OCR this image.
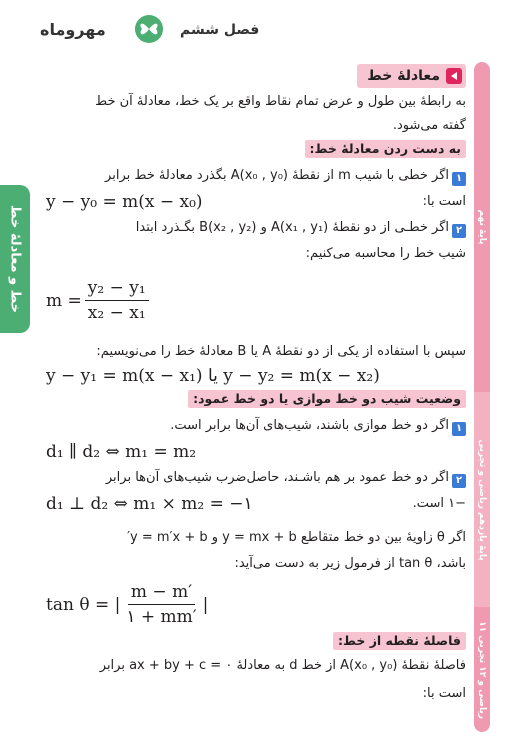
فصل ششم
مهروماه
خط و معادلهٔ خط	پایهٔ نهم
پایهٔ یازدهم ریاضی و تجربی
۱۱ ریاضی و ۱۲ تجربی
معادلهٔ خط
به رابطهٔ بین طول و عرض تمام نقاط واقع بر یک خط، معادلهٔ آن خط
گفته می‌شود.
به دست ردن معادلهٔ خط:
۱اگر خطی با شیب m از نقطهٔ A(x₀ , y₀) بگذرد معادلهٔ خط برابر
است با:
y − y₀ = m(x − x₀)
۲اگر خطـی از دو نقطهٔ A(x₁ , y₁) و B(x₂ , y₂) بگـذرد ابتدا
شیب خط را محاسبه می‌کنیم:
$m = \frac{\text{y₂ − y₁}}{\text{x₂ − x₁}}$
سپس با استفاده از یکی از دو نقطهٔ A یا B معادلهٔ خط را می‌نویسیم:
y − y₁ = m(x − x₁) یا y − y₂ = m(x − x₂)
وضعیت شیب دو خط موازی یا دو خط عمود:
۱اگر دو خط موازی باشند، شیب‌های آن‌ها برابر است.
d₁ ∥ d₂ ⇔ m₁ = m₂
۲اگر دو خط عمود بر هم باشـند، حاصل‌ضرب شیب‌های آن‌ها برابر
−۱ است.
d₁ ⊥ d₂ ⇔ m₁ × m₂ = −۱
اگر θ زاویهٔ بین دو خط متقاطع y = mx + b و y = m′x + b′
باشد، tan θ از فرمول زیر به دست می‌آید:
tan θ = | $\frac{m - m'}{۱ + mm'}$ |
فاصلهٔ نقطه از خط:
فاصلهٔ نقطهٔ A(x₀ , y₀) از خط d به معادلهٔ ax + by + c = ۰ برابر
است با:
